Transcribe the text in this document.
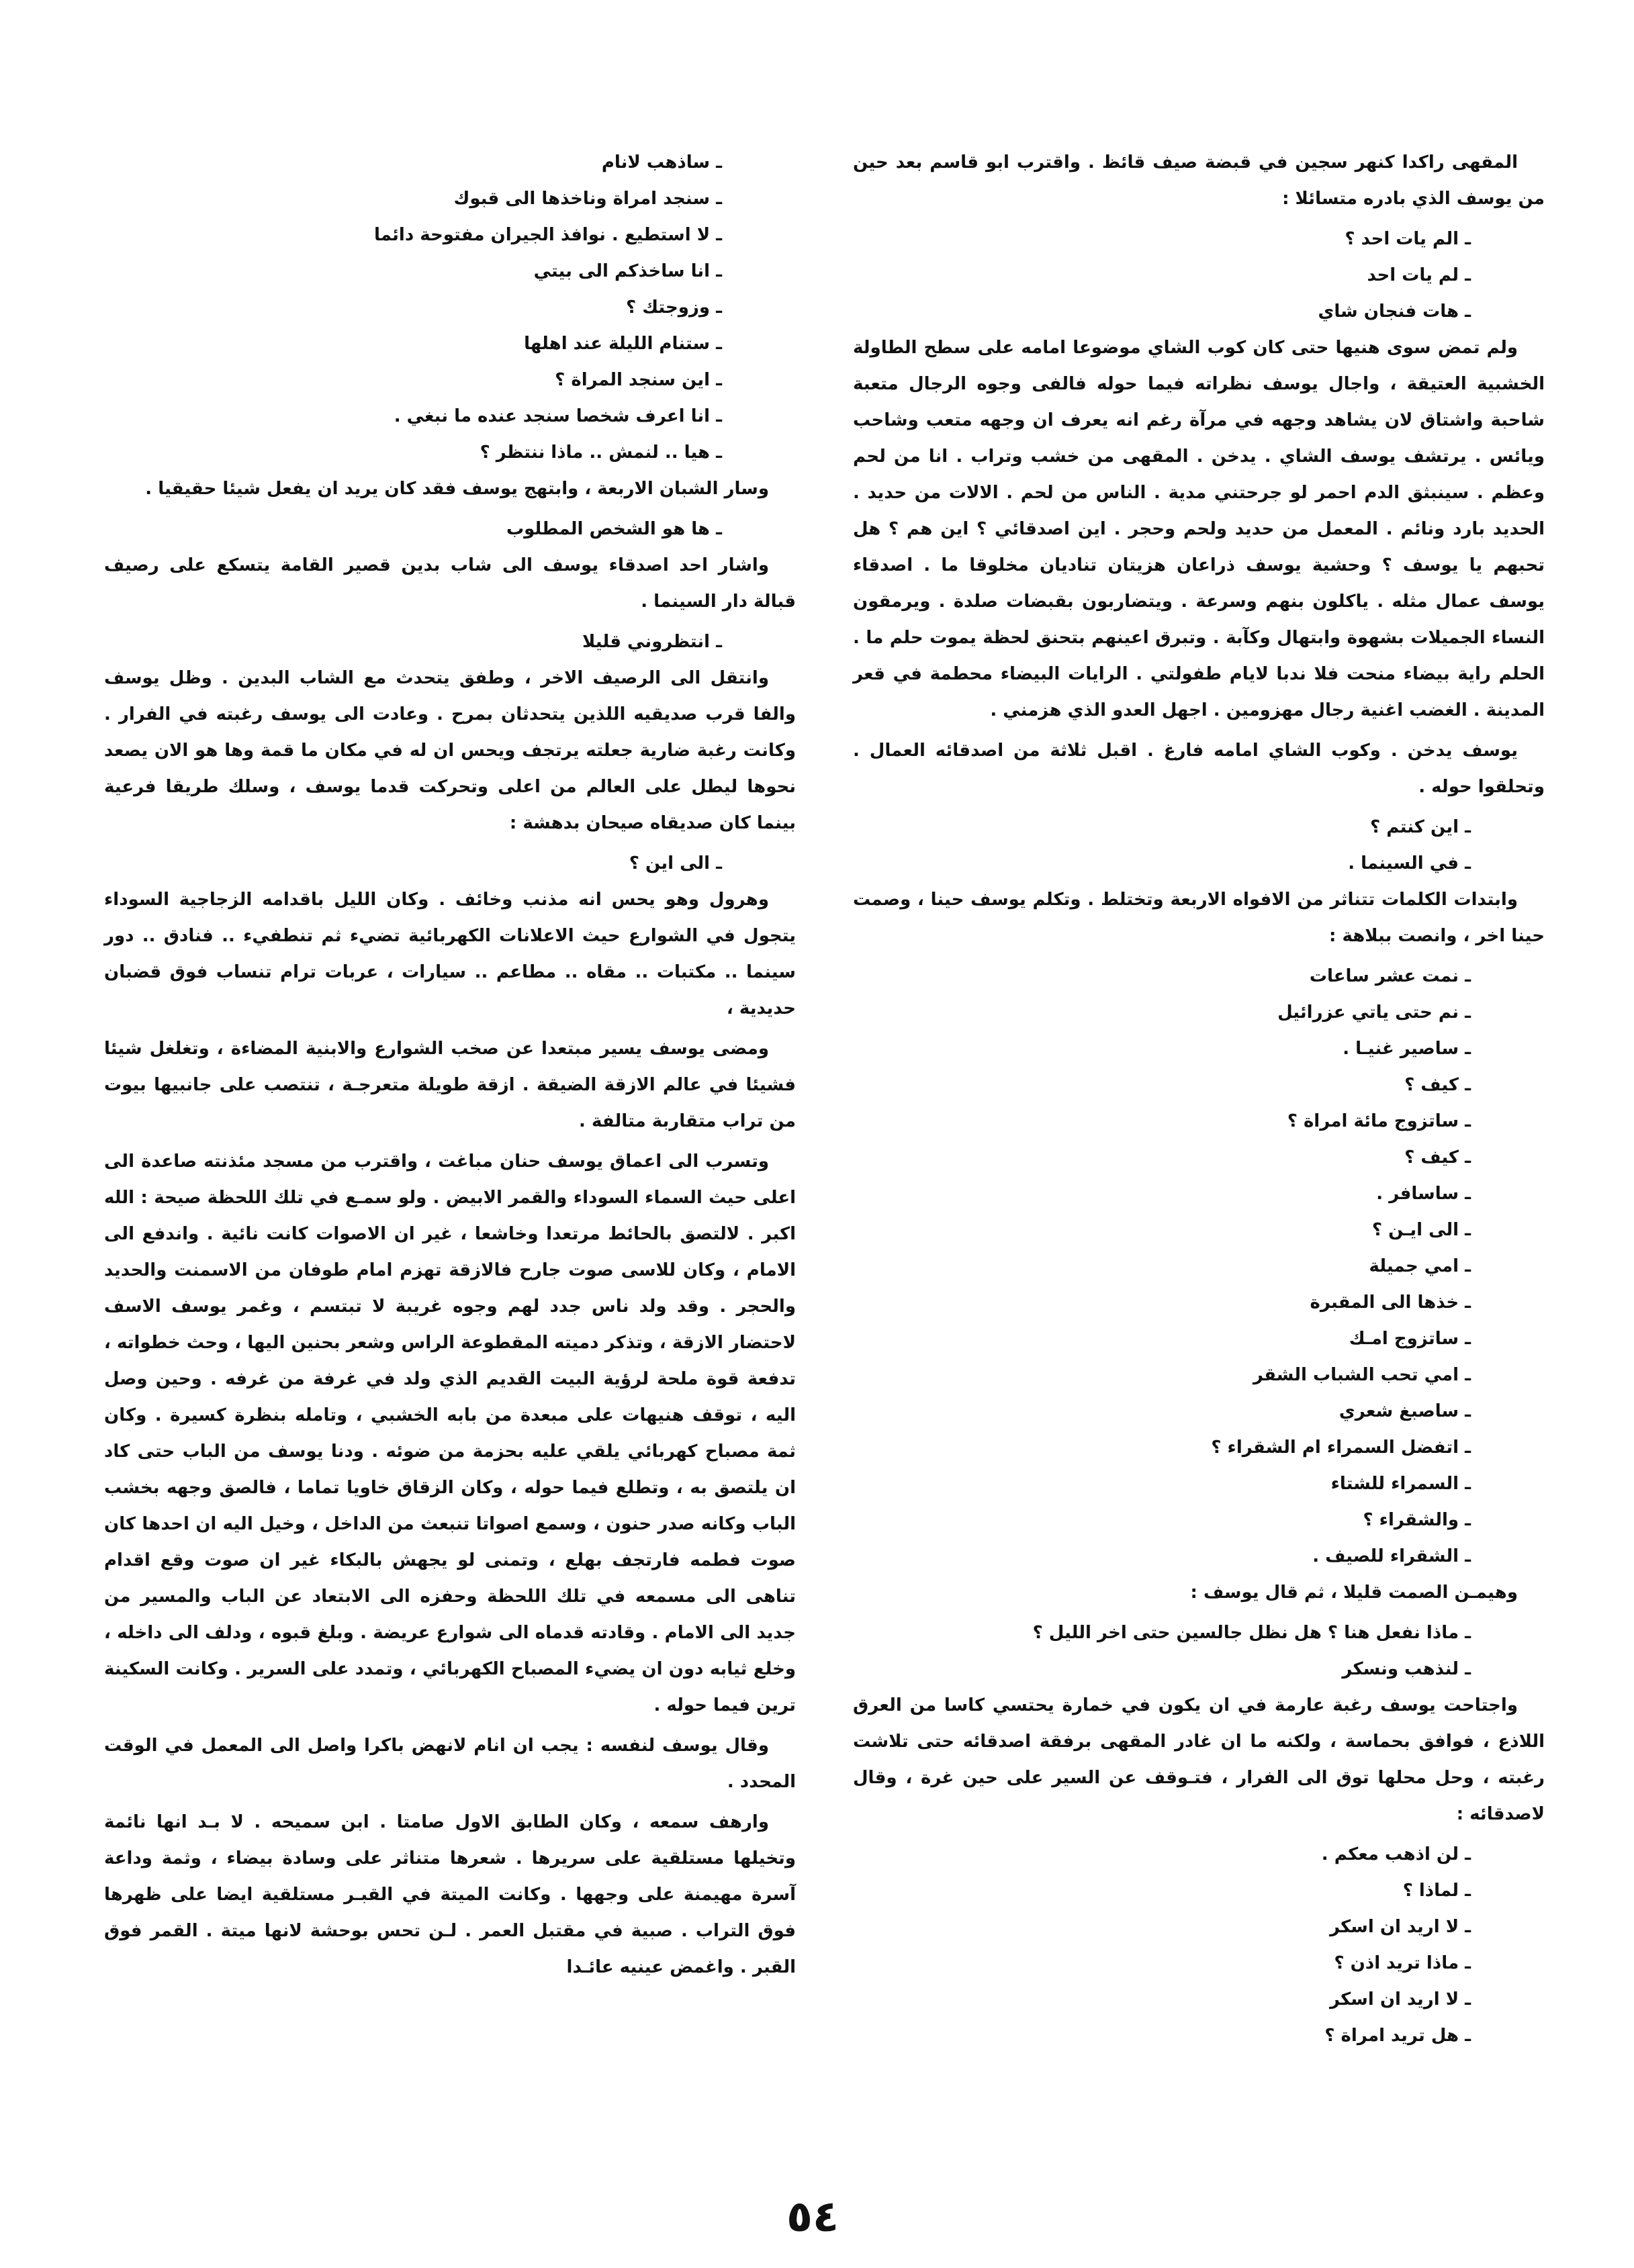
المقهى راكدا كنهر سجين في قبضة صيف قائظ . واقترب ابو قاسم بعد حين من يوسف الذي بادره متسائلا :

ـ الم يات احد ؟

ـ لم يات احد

ـ هات فنجان شاي

ولم تمض سوى هنيها حتى كان كوب الشاي موضوعا امامه على سطح الطاولة الخشبية العتيقة ، واجال يوسف نظراته فيما حوله فالفى وجوه الرجال متعبة شاحبة واشتاق لان يشاهد وجهه في مرآة رغم انه يعرف ان وجهه متعب وشاحب ويائس . يرتشف يوسف الشاي . يدخن . المقهى من خشب وتراب . انا من لحم وعظم . سينبثق الدم احمر لو جرحتني مدية . الناس من لحم . الالات من حديد . الحديد بارد ونائم . المعمل من حديد ولحم وحجر . اين اصدقائي ؟ اين هم ؟ هل تحبهم يا يوسف ؟ وحشية يوسف ذراعان هزيتان تناديان مخلوقا ما . اصدقاء يوسف عمال مثله . ياكلون بنهم وسرعة . ويتضاربون بقبضات صلدة . ويرمقون النساء الجميلات بشهوة وابتهال وكآبة . وتبرق اعينهم بتحنق لحظة يموت حلم ما . الحلم راية بيضاء منحت فلا ندبا لايام طفولتي . الرايات البيضاء محطمة في قعر المدينة . الغضب اغنية رجال مهزومين . اجهل العدو الذي هزمني .

يوسف يدخن . وكوب الشاي امامه فارغ . اقبل ثلاثة من اصدقائه العمال . وتحلقوا حوله .

ـ اين كنتم ؟

ـ في السينما .

وابتدات الكلمات تتناثر من الافواه الاربعة وتختلط . وتكلم يوسف حينا ، وصمت حينا اخر ، وانصت ببلاهة :

ـ نمت عشر ساعات

ـ نم حتى ياتي عزرائيل

ـ ساصير غنيـا .

ـ كيف ؟

ـ ساتزوج مائة امراة ؟

ـ كيف ؟

ـ ساسافر .

ـ الى ايـن ؟

ـ امي جميلة

ـ خذها الى المقبرة

ـ ساتزوج امـك

ـ امي تحب الشباب الشقر

ـ ساصبغ شعري

ـ اتفضل السمراء ام الشقراء ؟

ـ السمراء للشتاء

ـ والشقراء ؟

ـ الشقراء للصيف .

وهيمـن الصمت قليلا ، ثم قال يوسف :

ـ ماذا نفعل هنا ؟ هل نظل جالسين حتى اخر الليل ؟

ـ لنذهب ونسكر

واجتاحت يوسف رغبة عارمة في ان يكون في خمارة يحتسي كاسا من العرق اللاذع ، فوافق بحماسة ، ولكنه ما ان غادر المقهى برفقة اصدقائه حتى تلاشت رغبته ، وحل محلها توق الى الفرار ، فتـوقف عن السير على حين غرة ، وقال لاصدقائه :

ـ لن اذهب معكم .

ـ لماذا ؟

ـ لا اريد ان اسكر

ـ ماذا تريد اذن ؟

ـ لا اريد ان اسكر

ـ هل تريد امراة ؟

ـ ساذهب لانام

ـ سنجد امراة وناخذها الى قبوك

ـ لا استطيع . نوافذ الجيران مفتوحة دائما

ـ انا ساخذكم الى بيتي

ـ وزوجتك ؟

ـ ستنام الليلة عند اهلها

ـ اين سنجد المراة ؟

ـ انا اعرف شخصا سنجد عنده ما نبغي .

ـ هيا .. لنمش .. ماذا ننتظر ؟

وسار الشبان الاربعة ، وابتهج يوسف فقد كان يريد ان يفعل شيئا حقيقيا .

ـ ها هو الشخص المطلوب

واشار احد اصدقاء يوسف الى شاب بدين قصير القامة يتسكع على رصيف قبالة دار السينما .

ـ انتظروني قليلا

وانتقل الى الرصيف الاخر ، وطفق يتحدث مع الشاب البدين . وظل يوسف والفا قرب صديقيه اللذين يتحدثان بمرح . وعادت الى يوسف رغبته في الفرار . وكانت رغبة ضارية جعلته يرتجف ويحس ان له في مكان ما قمة وها هو الان يصعد نحوها ليطل على العالم من اعلى وتحركت قدما يوسف ، وسلك طريقا فرعية بينما كان صديقاه صيحان بدهشة :

ـ الى اين ؟

وهرول وهو يحس انه مذنب وخائف . وكان الليل باقدامه الزجاجية السوداء يتجول في الشوارع حيث الاعلانات الكهربائية تضيء ثم تنطفيء .. فنادق .. دور سينما .. مكتبات .. مقاه .. مطاعم .. سيارات ، عربات ترام تنساب فوق قضبان حديدية ،

ومضى يوسف يسير مبتعدا عن صخب الشوارع والابنية المضاءة ، وتغلغل شيئا فشيئا في عالم الازقة الضيقة . ازقة طويلة متعرجـة ، تنتصب على جانبيها بيوت من تراب متقاربة متالفة .

وتسرب الى اعماق يوسف حنان مباغت ، واقترب من مسجد مئذنته صاعدة الى اعلى حيث السماء السوداء والقمر الابيض . ولو سمـع في تلك اللحظة صيحة : الله اكبر . لالتصق بالحائط مرتعدا وخاشعا ، غير ان الاصوات كانت نائية . واندفع الى الامام ، وكان للاسى صوت جارح فالازقة تهزم امام طوفان من الاسمنت والحديد والحجر . وقد ولد ناس جدد لهم وجوه غريبة لا تبتسم ، وغمر يوسف الاسف لاحتضار الازقة ، وتذكر دميته المقطوعة الراس وشعر بحنين اليها ، وحث خطواته ، تدفعة قوة ملحة لرؤية البيت القديم الذي ولد في غرفة من غرفه . وحين وصل اليه ، توقف هنيهات على مبعدة من بابه الخشبي ، وتامله بنظرة كسيرة . وكان ثمة مصباح كهربائي يلقي عليه بحزمة من ضوئه . ودنا يوسف من الباب حتى كاد ان يلتصق به ، وتطلع فيما حوله ، وكان الزقاق خاويا تماما ، فالصق وجهه بخشب الباب وكانه صدر حنون ، وسمع اصواتا تنبعث من الداخل ، وخيل اليه ان احدها كان صوت فطمه فارتجف بهلع ، وتمنى لو يجهش بالبكاء غير ان صوت وقع اقدام تناهى الى مسمعه في تلك اللحظة وحفزه الى الابتعاد عن الباب والمسير من جديد الى الامام . وقادته قدماه الى شوارع عريضة . وبلغ قبوه ، ودلف الى داخله ، وخلع ثيابه دون ان يضيء المصباح الكهربائي ، وتمدد على السرير . وكانت السكينة ترين فيما حوله .

وقال يوسف لنفسه : يجب ان انام لانهض باكرا واصل الى المعمل في الوقت المحدد .

وارهف سمعه ، وكان الطابق الاول صامتا . ابن سميحه . لا بـد انها نائمة وتخيلها مستلقية على سريرها . شعرها متناثر على وسادة بيضاء ، وثمة وداعة آسرة مهيمنة على وجهها . وكانت الميتة في القبـر مستلقية ايضا على ظهرها فوق التراب . صبية في مقتبل العمر . لـن تحس بوحشة لانها ميتة . القمر فوق القبر . واغمض عينيه عائـدا

٥٤
